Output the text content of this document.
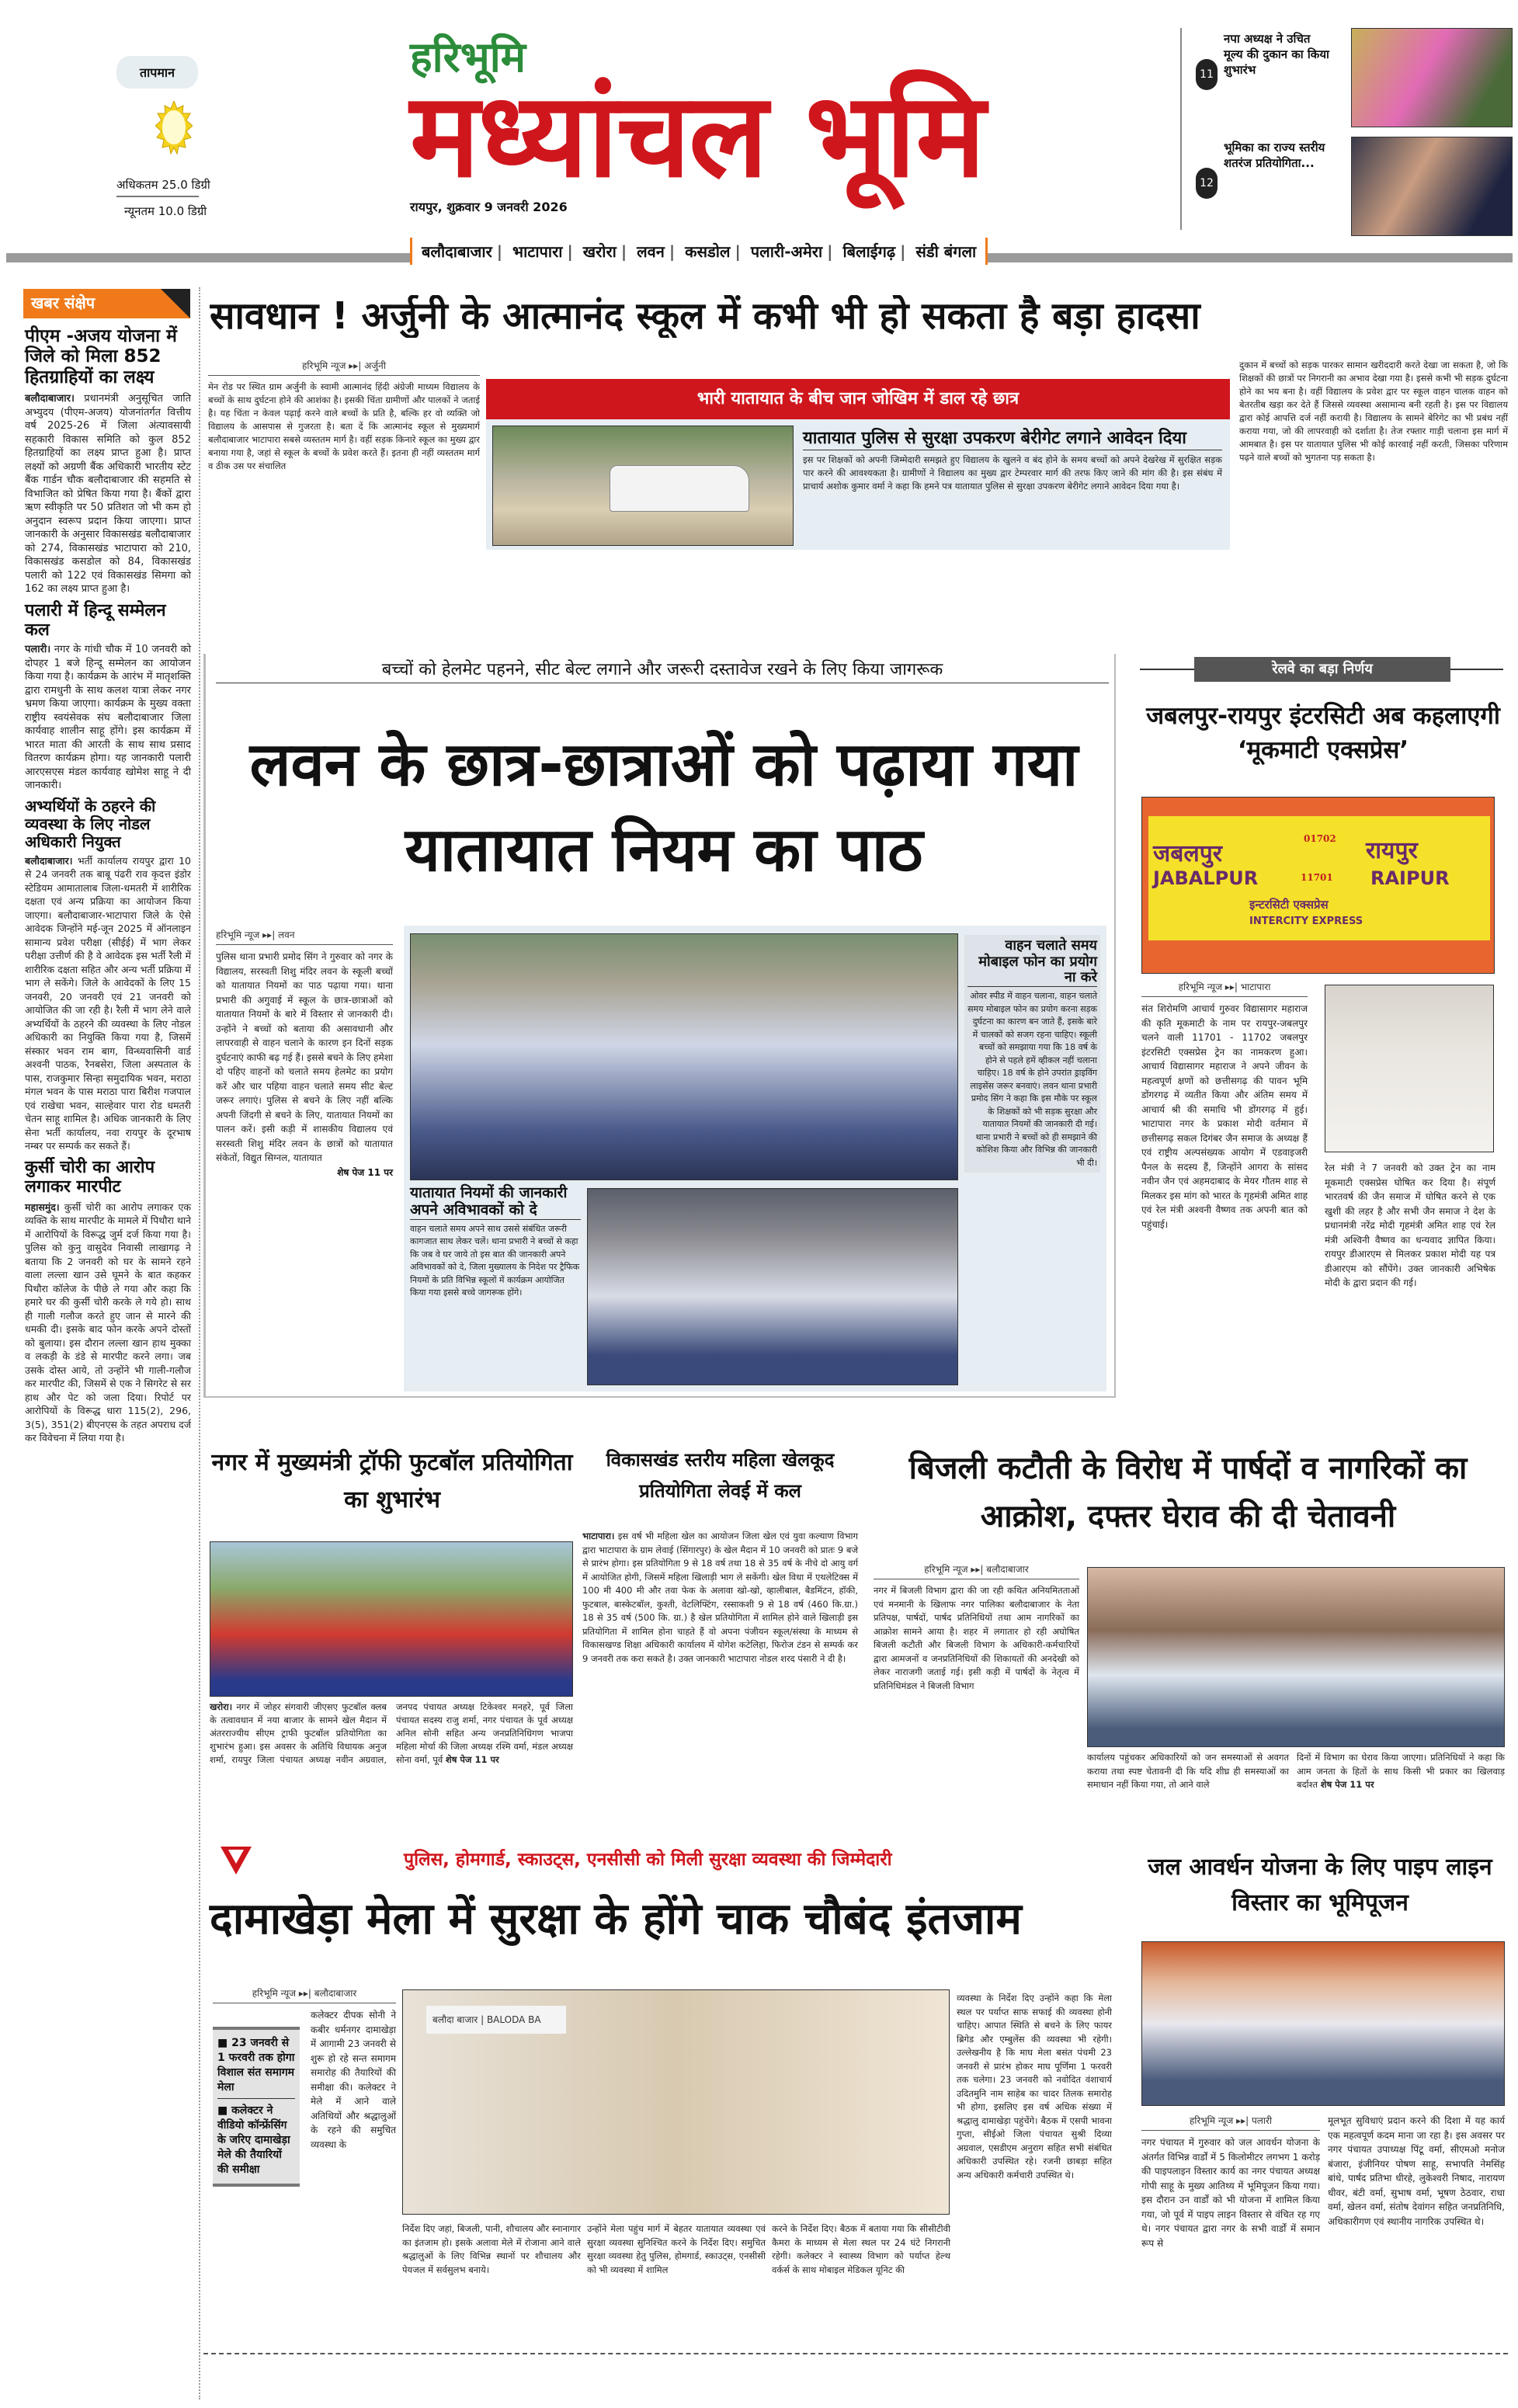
तापमान
अधिकतम 25.0 डिग्री
न्यूनतम 10.0 डिग्री
हरिभूमि
मध्यांचल भूमि
रायपुर, शुक्रवार 9 जनवरी 2026
11
नपा अध्यक्ष ने उचित मूल्य की दुकान का किया शुभारंभ
12
भूमिका का राज्य स्तरीय शतरंज प्रतियोगिता...
बलौदाबाजार | भाटापारा | खरोरा | लवन | कसडोल | पलारी-अमेरा | बिलाईगढ़ | संडी बंगला
खबर संक्षेप
पीएम -अजय योजना में जिले को मिला 852 हितग्राहियों का लक्ष्य
बलौदाबाजार। प्रधानमंत्री अनुसूचित जाति अभ्युदय (पीएम-अजय) योजनांतर्गत वित्तीय वर्ष 2025-26 में जिला अंत्यावसायी सहकारी विकास समिति को कुल 852 हितग्राहियों का लक्ष्य प्राप्त हुआ है। प्राप्त लक्ष्यों को अग्रणी बैंक अधिकारी भारतीय स्टेट बैंक गार्डन चौक बलौदाबाजार की सहमति से विभाजित को प्रेषित किया गया है। बैंकों द्वारा ऋण स्वीकृति पर 50 प्रतिशत जो भी कम हो अनुदान स्वरूप प्रदान किया जाएगा। प्राप्त जानकारी के अनुसार विकासखंड बलौदाबाजार को 274, विकासखंड भाटापारा को 210, विकासखंड कसडोल को 84, विकासखंड पलारी को 122 एवं विकासखंड सिमगा को 162 का लक्ष्य प्राप्त हुआ है।
पलारी में हिन्दू सम्मेलन कल
पलारी। नगर के गांधी चौक में 10 जनवरी को दोपहर 1 बजे हिन्दू सम्मेलन का आयोजन किया गया है। कार्यक्रम के आरंभ में मातृशक्ति द्वारा रामधुनी के साथ कलश यात्रा लेकर नगर भ्रमण किया जाएगा। कार्यक्रम के मुख्य वक्ता राष्ट्रीय स्वयंसेवक संघ बलौदाबाजार जिला कार्यवाह शालीन साहू होंगे। इस कार्यक्रम में भारत माता की आरती के साथ साथ प्रसाद वितरण कार्यक्रम होगा। यह जानकारी पलारी आरएसएस मंडल कार्यवाह खोमेश साहू ने दी जानकारी।
अभ्यर्थियों के ठहरने की व्यवस्था के लिए नोडल अधिकारी नियुक्त
बलौदाबाजार। भर्ती कार्यालय रायपुर द्वारा 10 से 24 जनवरी तक बाबू पंढरी राव कृदत्त इंडोर स्टेडियम आमातालाब जिला-धमतरी में शारीरिक दक्षता एवं अन्य प्रक्रिया का आयोजन किया जाएगा। बलौदाबाजार-भाटापारा जिले के ऐसे आवेदक जिन्होंने मई-जून 2025 में ऑनलाइन सामान्य प्रवेश परीक्षा (सीईई) में भाग लेकर परीक्षा उत्तीर्ण की है वे आवेदक इस भर्ती रैली में शारीरिक दक्षता सहित और अन्य भर्ती प्रक्रिया में भाग ले सकेंगे। जिले के आवेदकों के लिए 15 जनवरी, 20 जनवरी एवं 21 जनवरी को आयोजित की जा रही है। रैली में भाग लेने वाले अभ्यर्थियों के ठहरने की व्यवस्था के लिए नोडल अधिकारी का नियुक्ति किया गया है, जिसमें संस्कार भवन राम बाग, विन्ध्यवासिनी वार्ड अश्वनी पाठक, रैनबसेरा, जिला अस्पताल के पास, राजकुमार सिन्हा समुदायिक भवन, मराठा मंगल भवन के पास मराठा पारा बिरीश गजपाल एवं राखेचा भवन, साल्हेवार पारा रोड धमतरी चेतन साहू शामिल है। अधिक जानकारी के लिए सेना भर्ती कार्यालय, नवा रायपुर के दूरभाष नम्बर पर सम्पर्क कर सकते हैं।
कुर्सी चोरी का आरोप लगाकर मारपीट
महासमुंद। कुर्सी चोरी का आरोप लगाकर एक व्यक्ति के साथ मारपीट के मामले में पिथौरा थाने में आरोपियों के विरूद्ध जुर्म दर्ज किया गया है। पुलिस को कुनु वासुदेव निवासी लाखागढ़ ने बताया कि 2 जनवरी को घर के सामने रहने वाला लल्ला खान उसे घूमने के बात कहकर पिथौरा कॉलेज के पीछे ले गया और कहा कि हमारे घर की कुर्सी चोरी करके ले गये हो। साथ ही गाली गलौज करते हुए जान से मारने की धमकी दी। इसके बाद फोन करके अपने दोस्तों को बुलाया। इस दौरान लल्ला खान हाथ मुक्का व लकड़ी के डंडे से मारपीट करने लगा। जब उसके दोस्त आये, तो उन्होंने भी गाली-गलौज कर मारपीट की, जिसमें से एक ने सिगरेट से सर हाथ और पेट को जला दिया। रिपोर्ट पर आरोपियों के विरूद्ध धारा 115(2), 296, 3(5), 351(2) बीएनएस के तहत अपराध दर्ज कर विवेचना में लिया गया है।
सावधान ! अर्जुनी के आत्मानंद स्कूल में कभी भी हो सकता है बड़ा हादसा
हरिभूमि न्यूज ▸▸| अर्जुनी
मेन रोड पर स्थित ग्राम अर्जुनी के स्वामी आत्मानंद हिंदी अंग्रेजी माध्यम विद्यालय के बच्चों के साथ दुर्घटना होने की आशंका है। इसकी चिंता ग्रामीणों और पालकों ने जताई है। यह चिंता न केवल पढ़ाई करने वाले बच्चों के प्रति है, बल्कि हर वो व्यक्ति जो विद्यालय के आसपास से गुजरता है। बता दें कि आत्मानंद स्कूल से मुख्यमार्ग बलौदाबाजार भाटापारा सबसे व्यस्ततम मार्ग है। वहीं सड़क किनारे स्कूल का मुख्य द्वार बनाया गया है, जहां से स्कूल के बच्चों के प्रवेश करते हैं। इतना ही नहीं व्यस्ततम मार्ग व ठीक उस पर संचालित
भारी यातायात के बीच जान जोखिम में डाल रहे छात्र
यातायात पुलिस से सुरक्षा उपकरण बेरीगेट लगाने आवेदन दिया
इस पर शिक्षकों को अपनी जिम्मेदारी समझते हुए विद्यालय के खुलने व बंद होने के समय बच्चों को अपने देखरेख में सुरक्षित सड़क पार करने की आवश्यकता है। ग्रामीणों ने विद्यालय का मुख्य द्वार टेम्परवार मार्ग की तरफ किए जाने की मांग की है। इस संबंध में प्राचार्य अशोक कुमार वर्मा ने कहा कि हमने पत्र यातायात पुलिस से सुरक्षा उपकरण बेरीगेट लगाने आवेदन दिया गया है।
दुकान में बच्चों को सड़क पारकर सामान खरीददारी करते देखा जा सकता है, जो कि शिक्षकों की छात्रों पर निगरानी का अभाव देखा गया है। इससे कभी भी सड़क दुर्घटना होने का भय बना है। वहीं विद्यालय के प्रवेश द्वार पर स्कूल वाहन चालक वाहन को बेतरतीब खड़ा कर देते हैं जिससे व्यवस्था असामान्य बनी रहती है। इस पर विद्यालय द्वारा कोई आपत्ति दर्ज नहीं करायी है। विद्यालय के सामने बेरिगेट का भी प्रबंध नहीं कराया गया, जो की लापरवाही को दर्शाता है। तेज रफ्तार गाड़ी चलाना इस मार्ग में आमबात है। इस पर यातायात पुलिस भी कोई कारवाई नहीं करती, जिसका परिणाम पढ़ने वाले बच्चों को भुगतना पड़ सकता है।
बच्चों को हेलमेट पहनने, सीट बेल्ट लगाने और जरूरी दस्तावेज रखने के लिए किया जागरूक
लवन के छात्र-छात्राओं को पढ़ाया गया यातायात नियम का पाठ
हरिभूमि न्यूज ▸▸| लवन
पुलिस थाना प्रभारी प्रमोद सिंग ने गुरुवार को नगर के विद्यालय, सरस्वती शिशु मंदिर लवन के स्कूली बच्चों को यातायात नियमों का पाठ पढ़ाया गया। थाना प्रभारी की अगुवाई में स्कूल के छात्र-छात्राओं को यातायात नियमों के बारे में विस्तार से जानकारी दी। उन्होंने ने बच्चों को बताया की असावधानी और लापरवाही से वाहन चलाने के कारण इन दिनों सड़क दुर्घटनाएं काफी बढ़ गई हैं। इससे बचने के लिए हमेशा दो पहिए वाहनों को चलाते समय हेलमेट का प्रयोग करें और चार पहिया वाहन चलाते समय सीट बेल्ट जरूर लगाएं। पुलिस से बचने के लिए नहीं बल्कि अपनी जिंदगी से बचने के लिए, यातायात नियमों का पालन करें। इसी कड़ी में शासकीय विद्यालय एवं सरस्वती शिशु मंदिर लवन के छात्रों को यातायात संकेतों, विद्युत सिग्नल, यातायात
शेष पेज 11 पर
वाहन चलाते समय मोबाइल फोन का प्रयोग ना करे
ओवर स्पीड में वाहन चलाना, वाहन चलाते समय मोबाइल फोन का प्रयोग करना सड़क दुर्घटना का कारण बन जाते हैं, इसके बारे में चालकों को सजग रहना चाहिए। स्कूली बच्चों को समझाया गया कि 18 वर्ष के होने से पहले हमें व्हीकल नहीं चलाना चाहिए। 18 वर्ष के होने उपरांत ड्राइविंग लाइसेंस जरूर बनवाएं। लवन थाना प्रभारी प्रमोद सिंग ने कहा कि इस मौके पर स्कूल के शिक्षकों को भी सड़क सुरक्षा और यातायात नियमों की जानकारी दी गई। थाना प्रभारी ने बच्चों को ही समझाने की कोशिश किया और विभिन्न की जानकारी भी दी।
यातायात नियमों की जानकारी अपने अविभावकों को दे
वाहन चलाते समय अपने साथ उससे संबंधित जरूरी कागजात साथ लेकर चलें। थाना प्रभारी ने बच्चों से कहा कि जब वे घर जाये तो इस बात की जानकारी अपने अविभावकों को दे, जिला मुख्यालय के निदेश पर ट्रैफिक नियमों के प्रति विभिन्न स्कूलों में कार्यक्रम आयोजित किया गया इससे बच्चे जागरूक होंगे।
रेलवे का बड़ा निर्णय
जबलपुर-रायपुर इंटरसिटी अब कहलाएगी ‘मूकमाटी एक्सप्रेस’
जबलपुर
01702 रायपुर
JABALPUR	11701 RAIPUR
इन्टरसिटी एक्सप्रेस
INTERCITY EXPRESS
हरिभूमि न्यूज ▸▸| भाटापारा
संत शिरोमणि आचार्य गुरुवर विद्यासागर महाराज की कृति मूकमाटी के नाम पर रायपुर-जबलपुर चलने वाली 11701 - 11702 जबलपुर इंटरसिटी एक्सप्रेस ट्रेन का नामकरण हुआ। आचार्य विद्यासागर महाराज ने अपने जीवन के महत्वपूर्ण क्षणों को छत्तीसगढ़ की पावन भूमि डोंगरगढ़ में व्यतीत किया और अंतिम समय में आचार्य श्री की समाधि भी डोंगरगढ़ में हुई। भाटापारा नगर के प्रकाश मोदी वर्तमान में छत्तीसगढ़ सकल दिगंबर जैन समाज के अध्यक्ष हैं एवं राष्ट्रीय अल्पसंख्यक आयोग में एडवाइजरी पैनल के सदस्य हैं, जिन्होंने आगरा के सांसद नवीन जैन एवं अहमदाबाद के मेयर गौतम शाह से मिलकर इस मांग को भारत के गृहमंत्री अमित शाह एवं रेल मंत्री अश्वनी वैष्णव तक अपनी बात को पहुंचाई।
रेल मंत्री ने 7 जनवरी को उक्त ट्रेन का नाम मूकमाटी एक्सप्रेस घोषित कर दिया है। संपूर्ण भारतवर्ष की जैन समाज में घोषित करने से एक खुशी की लहर है और सभी जैन समाज ने देश के प्रधानमंत्री नरेंद्र मोदी गृहमंत्री अमित शाह एवं रेल मंत्री अश्विनी वैष्णव का धन्यवाद ज्ञापित किया। रायपुर डीआरएम से मिलकर प्रकाश मोदी यह पत्र डीआरएम को सौंपेंगे। उक्त जानकारी अभिषेक मोदी के द्वारा प्रदान की गई।
नगर में मुख्यमंत्री ट्रॉफी फुटबॉल प्रतियोगिता का शुभारंभ
खरोरा। नगर में जोहर संगवारी जीएसए फुटबॉल क्लब के तत्वावधान में नया बाजार के सामने खेल मैदान में अंतरराज्यीय सीएम ट्राफी फुटबॉल प्रतियोगिता का शुभारंभ हुआ। इस अवसर के अतिथि विधायक अनुज शर्मा, रायपुर जिला पंचायत अध्यक्ष नवीन अग्रवाल, जनपद पंचायत अध्यक्ष टिकेश्वर मनहरे, पूर्व जिला पंचायत सदस्य राजु शर्मा, नगर पंचायत के पूर्व अध्यक्ष अनिल सोनी सहित अन्य जनप्रतिनिधिगण भाजपा महिला मोर्चा की जिला अध्यक्ष रश्मि वर्मा, मंडल अध्यक्ष सोना वर्मा, पूर्व शेष पेज 11 पर
विकासखंड स्तरीय महिला खेलकूद प्रतियोगिता लेवई में कल
भाटापारा। इस वर्ष भी महिला खेल का आयोजन जिला खेल एवं युवा कल्याण विभाग द्वारा भाटापारा के ग्राम लेवाई (सिंगारपुर) के खेल मैदान में 10 जनवरी को प्रातः 9 बजे से प्रारंभ होगा। इस प्रतियोगिता 9 से 18 वर्ष तथा 18 से 35 वर्ष के नीचे दो आयु वर्ग में आयोजित होगी, जिसमें महिला खिलाड़ी भाग ले सकेंगी। खेल विधा में एथलेटिक्स में 100 मी 400 मी और तवा फेक के अलावा खो-खो, व्हालीबाल, बैडमिंटन, हॉकी, फुटबाल, बास्केटबॉल, कुश्ती, वेटलिफ्टिंग, रस्साकशी 9 से 18 वर्ष (460 कि.ग्रा.) 18 से 35 वर्ष (500 कि. ग्रा.) है खेल प्रतियोगिता में शामिल होने वाले खिलाड़ी इस प्रतियोगिता में शामिल होना चाहते हैं वो अपना पंजीयन स्कूल/संस्था के माध्यम से विकासखण्ड शिक्षा अधिकारी कार्यालय में योगेश कटेलिहा, फिरोज टंडन से सम्पर्क कर 9 जनवरी तक करा सकते है। उक्त जानकारी भाटापारा नोडल शरद पंसारी ने दी है।
बिजली कटौती के विरोध में पार्षदों व नागरिकों का आक्रोश, दफ्तर घेराव की दी चेतावनी
हरिभूमि न्यूज ▸▸| बलौदाबाजार
नगर में बिजली विभाग द्वारा की जा रही कथित अनियमितताओं एवं मनमानी के खिलाफ नगर पालिका बलौदाबाजार के नेता प्रतिपक्ष, पार्षदों, पार्षद प्रतिनिधियों तथा आम नागरिकों का आक्रोश सामने आया है। शहर में लगातार हो रही अघोषित बिजली कटौती और बिजली विभाग के अधिकारी-कर्मचारियों द्वारा आमजनों व जनप्रतिनिधियों की शिकायतों की अनदेखी को लेकर नाराजगी जताई गई। इसी कड़ी में पार्षदों के नेतृत्व में प्रतिनिधिमंडल ने बिजली विभाग
कार्यालय पहुंचकर अधिकारियों को जन समस्याओं से अवगत कराया तथा स्पष्ट चेतावनी दी कि यदि शीघ्र ही समस्याओं का समाधान नहीं किया गया, तो आने वाले
दिनों में विभाग का घेराव किया जाएगा। प्रतिनिधियों ने कहा कि आम जनता के हितों के साथ किसी भी प्रकार का खिलवाड़ बर्दाश्त शेष पेज 11 पर
पुलिस, होमगार्ड, स्काउट्स, एनसीसी को मिली सुरक्षा व्यवस्था की जिम्मेदारी
दामाखेड़ा मेला में सुरक्षा के होंगे चाक चौबंद इंतजाम
हरिभूमि न्यूज ▸▸| बलौदाबाजार
कलेक्टर दीपक सोनी ने कबीर धर्मनगर दामाखेड़ा में आगामी 23 जनवरी से शुरू हो रहे सन्त समागम समारोह की तैयारियों की समीक्षा की। कलेक्टर ने मेले में आने वाले अतिथियों और श्रद्धालुओं के रहने की समुचित व्यवस्था के
■ 23 जनवरी से 1 फरवरी तक होगा विशाल संत समागम मेला
■ कलेक्टर ने वीडियो कॉन्फ्रेंसिंग के जरिए दामाखेड़ा मेले की तैयारियों की समीक्षा
बलौदा बाजार | BALODA BA
निर्देश दिए जहां, बिजली, पानी, शौचालय और स्नानागार का इंतजाम हो। इसके अलावा मेले में रोजाना आने वाले श्रद्धालुओं के लिए विभिन्न स्थानों पर शौचालय और पेयजल में सर्वसुलभ बनाये।
उन्होंने मेला पहुंच मार्ग में बेहतर यातायात व्यवस्था एवं सुरक्षा व्यवस्था सुनिश्चित करने के निर्देश दिए। समुचित सुरक्षा व्यवस्था हेतु पुलिस, होमगार्ड, स्काउट्स, एनसीसी को भी व्यवस्था में शामिल
करने के निर्देश दिए। बैठक में बताया गया कि सीसीटीवी कैमरा के माध्यम से मेला स्थल पर 24 घंटे निगरानी रहेगी। कलेक्टर ने स्वास्थ्य विभाग को पर्याप्त हेल्थ वर्कर्स के साथ मोबाइल मेडिकल यूनिट की
व्यवस्था के निर्देश दिए उन्होंने कहा कि मेला स्थल पर पर्याप्त साफ सफाई की व्यवस्था होनी चाहिए। आपात स्थिति से बचने के लिए फायर ब्रिगेड और एम्बुलेंस की व्यवस्था भी रहेगी। उल्लेखनीय है कि माघ मेला बसंत पंचमी 23 जनवरी से प्रारंभ होकर माघ पूर्णिमा 1 फरवरी तक चलेगा। 23 जनवरी को नवोदित वंशाचार्य उदितमुनि नाम साहेब का चादर तिलक समारोह भी होगा, इसलिए इस वर्ष अधिक संख्या में श्रद्धालु दामाखेड़ा पहुंचेंगे। बैठक में एसपी भावना गुप्ता, सीईओ जिला पंचायत सुश्री दिव्या अग्रवाल, एसडीएम अनुराग सहित सभी संबंधित अधिकारी उपस्थित रहे। रजनी छाबड़ा सहित अन्य अधिकारी कर्मचारी उपस्थित थे।
जल आवर्धन योजना के लिए पाइप लाइन विस्तार का भूमिपूजन
हरिभूमि न्यूज ▸▸| पलारी
नगर पंचायत में गुरुवार को जल आवर्धन योजना के अंतर्गत विभिन्न वार्डों में 5 किलोमीटर लगभग 1 करोड़ की पाइपलाइन विस्तार कार्य का नगर पंचायत अध्यक्ष गोपी साहू के मुख्य आतिथ्य में भूमिपूजन किया गया। इस दौरान उन वार्डों को भी योजना में शामिल किया गया, जो पूर्व में पाइप लाइन विस्तार से वंचित रह गए थे। नगर पंचायत द्वारा नगर के सभी वार्डों में समान रूप से
मूलभूत सुविधाएं प्रदान करने की दिशा में यह कार्य एक महत्वपूर्ण कदम माना जा रहा है। इस अवसर पर नगर पंचायत उपाध्यक्ष पिंटू वर्मा, सीएमओ मनोज बंजारा, इंजीनियर पोषण साहू, सभापति नेमसिंह बांधे, पार्षद प्रतिभा धीरहे, लुकेश्वरी निषाद, नारायण धीवर, बंटी वर्मा, सुभाष वर्मा, भूषण ठेठवार, राधा वर्मा, खेलन वर्मा, संतोष देवांगन सहित जनप्रतिनिधि, अधिकारीगण एवं स्थानीय नागरिक उपस्थित थे।
